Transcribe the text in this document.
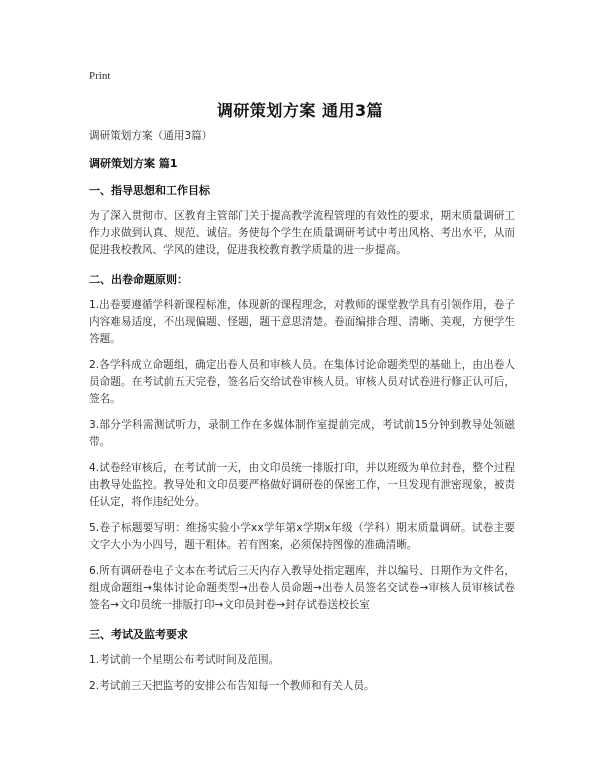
Print
调研策划方案 通用3篇

调研策划方案（通用3篇）

调研策划方案 篇1

一、指导思想和工作目标

为了深入贯彻市、区教育主管部门关于提高教学流程管理的有效性的要求，期末质量调研工作力求做到认真、规范、诚信。务使每个学生在质量调研考试中考出风格、考出水平，从而促进我校教风、学风的建设，促进我校教育教学质量的进一步提高。

二、出卷命题原则：

1.出卷要遵循学科新课程标准，体现新的课程理念，对教师的课堂教学具有引领作用，卷子内容难易适度，不出现偏题、怪题，题干意思清楚。卷面编排合理、清晰、美观，方便学生答题。

2.各学科成立命题组，确定出卷人员和审核人员。在集体讨论命题类型的基础上，由出卷人员命题。在考试前五天完卷，签名后交给试卷审核人员。审核人员对试卷进行修正认可后，签名。

3.部分学科需测试听力，录制工作在多媒体制作室提前完成，考试前15分钟到教导处领磁带。

4.试卷经审核后，在考试前一天，由文印员统一排版打印，并以班级为单位封卷，整个过程由教导处监控。教导处和文印员要严格做好调研卷的保密工作，一旦发现有泄密现象，被责任认定，将作违纪处分。

5.卷子标题要写明：维扬实验小学xx学年第x学期x年级（学科）期末质量调研。试卷主要文字大小为小四号，题干粗体。若有图案，必须保持图像的准确清晰。

6.所有调研卷电子文本在考试后三天内存入教导处指定题库，并以编号、日期作为文件名，组成命题组→集体讨论命题类型→出卷人员命题→出卷人员签名交试卷→审核人员审核试卷签名→文印员统一排版打印→文印员封卷→封存试卷送校长室

三、考试及监考要求

1.考试前一个星期公布考试时间及范围。

2.考试前三天把监考的安排公布告知每一个教师和有关人员。
